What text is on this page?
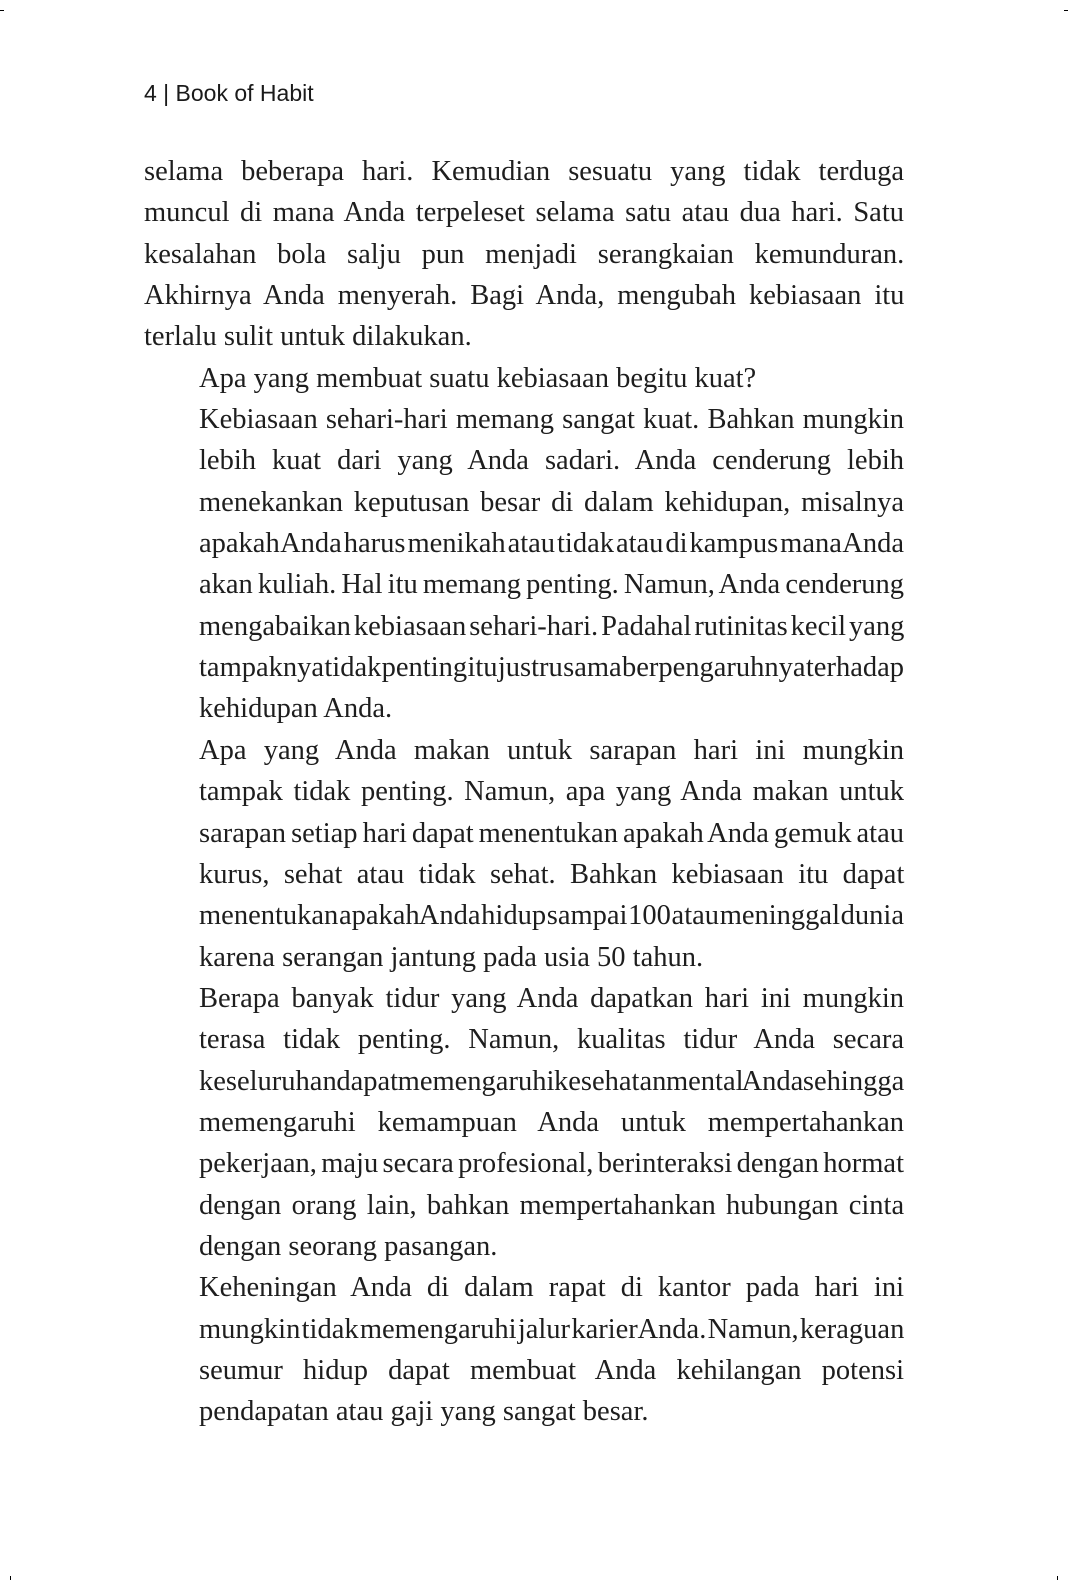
4 | Book of Habit

selama beberapa hari. Kemudian sesuatu yang tidak terduga
muncul di mana Anda terpeleset selama satu atau dua hari. Satu
kesalahan bola salju pun menjadi serangkaian kemunduran.
Akhirnya Anda menyerah. Bagi Anda, mengubah kebiasaan itu
terlalu sulit untuk dilakukan.

Apa yang membuat suatu kebiasaan begitu kuat?

Kebiasaan sehari-hari memang sangat kuat. Bahkan mungkin
lebih kuat dari yang Anda sadari. Anda cenderung lebih
menekankan keputusan besar di dalam kehidupan, misalnya
apakah Anda harus menikah atau tidak atau di kampus mana Anda
akan kuliah. Hal itu memang penting. Namun, Anda cenderung
mengabaikan kebiasaan sehari-hari. Padahal rutinitas kecil yang
tampaknya tidak penting itu justru sama berpengaruhnya terhadap
kehidupan Anda.

Apa yang Anda makan untuk sarapan hari ini mungkin
tampak tidak penting. Namun, apa yang Anda makan untuk
sarapan setiap hari dapat menentukan apakah Anda gemuk atau
kurus, sehat atau tidak sehat. Bahkan kebiasaan itu dapat
menentukan apakah Anda hidup sampai 100 atau meninggal dunia
karena serangan jantung pada usia 50 tahun.

Berapa banyak tidur yang Anda dapatkan hari ini mungkin
terasa tidak penting. Namun, kualitas tidur Anda secara
keseluruhan dapat memengaruhi kesehatan mental Anda sehingga
memengaruhi kemampuan Anda untuk mempertahankan
pekerjaan, maju secara profesional, berinteraksi dengan hormat
dengan orang lain, bahkan mempertahankan hubungan cinta
dengan seorang pasangan.

Keheningan Anda di dalam rapat di kantor pada hari ini
mungkin tidak memengaruhi jalur karier Anda. Namun, keraguan
seumur hidup dapat membuat Anda kehilangan potensi
pendapatan atau gaji yang sangat besar.
